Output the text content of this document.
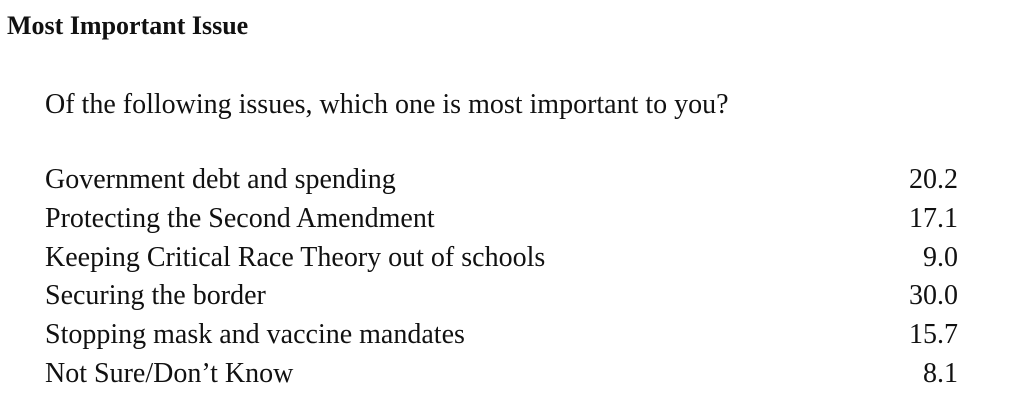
Most Important Issue
Of the following issues, which one is most important to you?
Government debt and spending	20.2
Protecting the Second Amendment	17.1
Keeping Critical Race Theory out of schools	9.0
Securing the border	30.0
Stopping mask and vaccine mandates	15.7
Not Sure/Don’t Know	8.1
